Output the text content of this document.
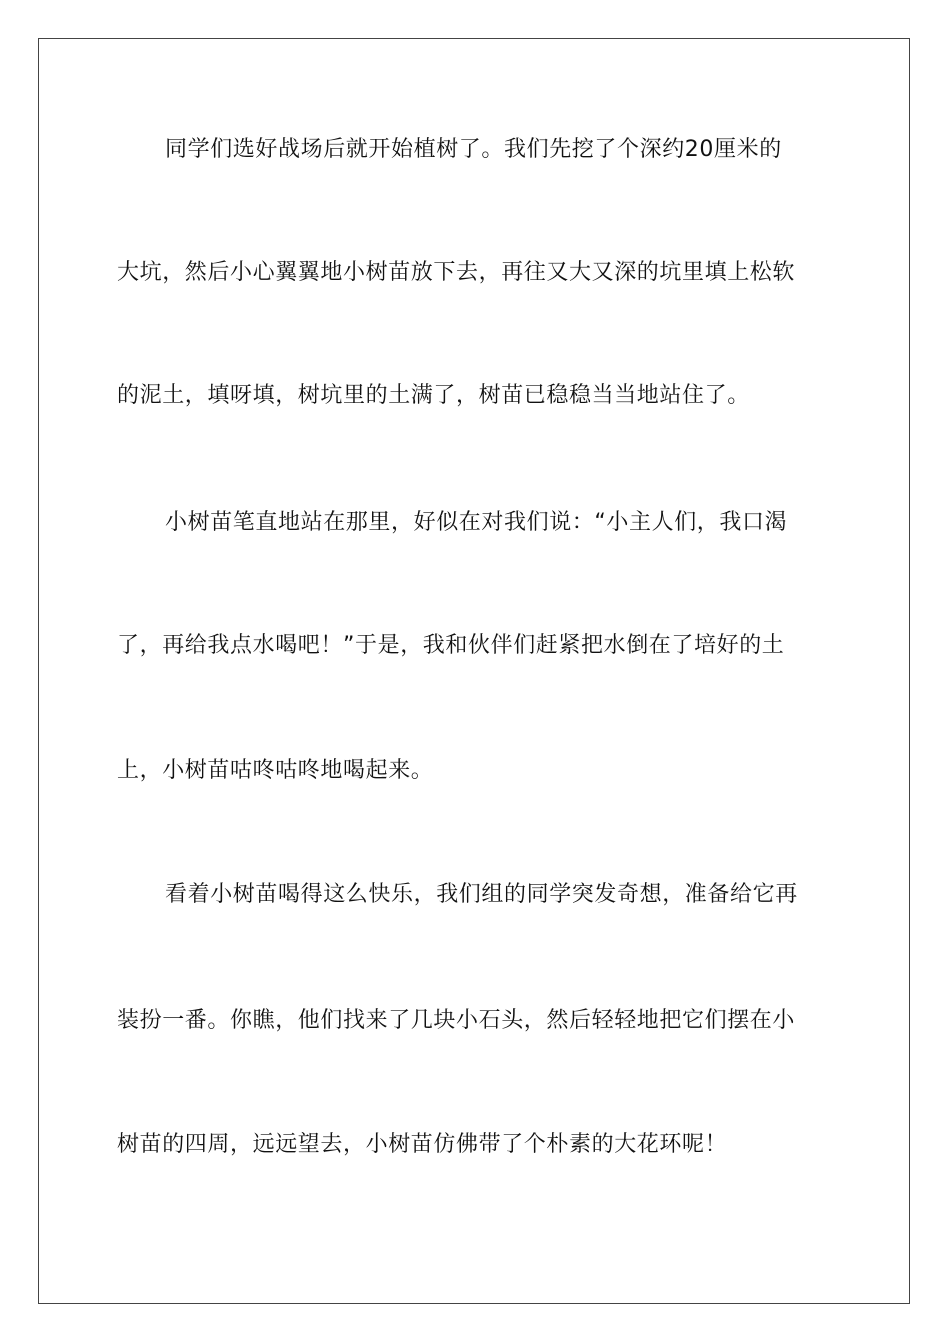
同学们选好战场后就开始植树了。我们先挖了个深约20厘米的
大坑，然后小心翼翼地小树苗放下去，再往又大又深的坑里填上松软
的泥土，填呀填，树坑里的土满了，树苗已稳稳当当地站住了。
小树苗笔直地站在那里，好似在对我们说：“小主人们，我口渴
了，再给我点水喝吧！”于是，我和伙伴们赶紧把水倒在了培好的土
上，小树苗咕咚咕咚地喝起来。
看着小树苗喝得这么快乐，我们组的同学突发奇想，准备给它再
装扮一番。你瞧，他们找来了几块小石头，然后轻轻地把它们摆在小
树苗的四周，远远望去，小树苗仿佛带了个朴素的大花环呢！
